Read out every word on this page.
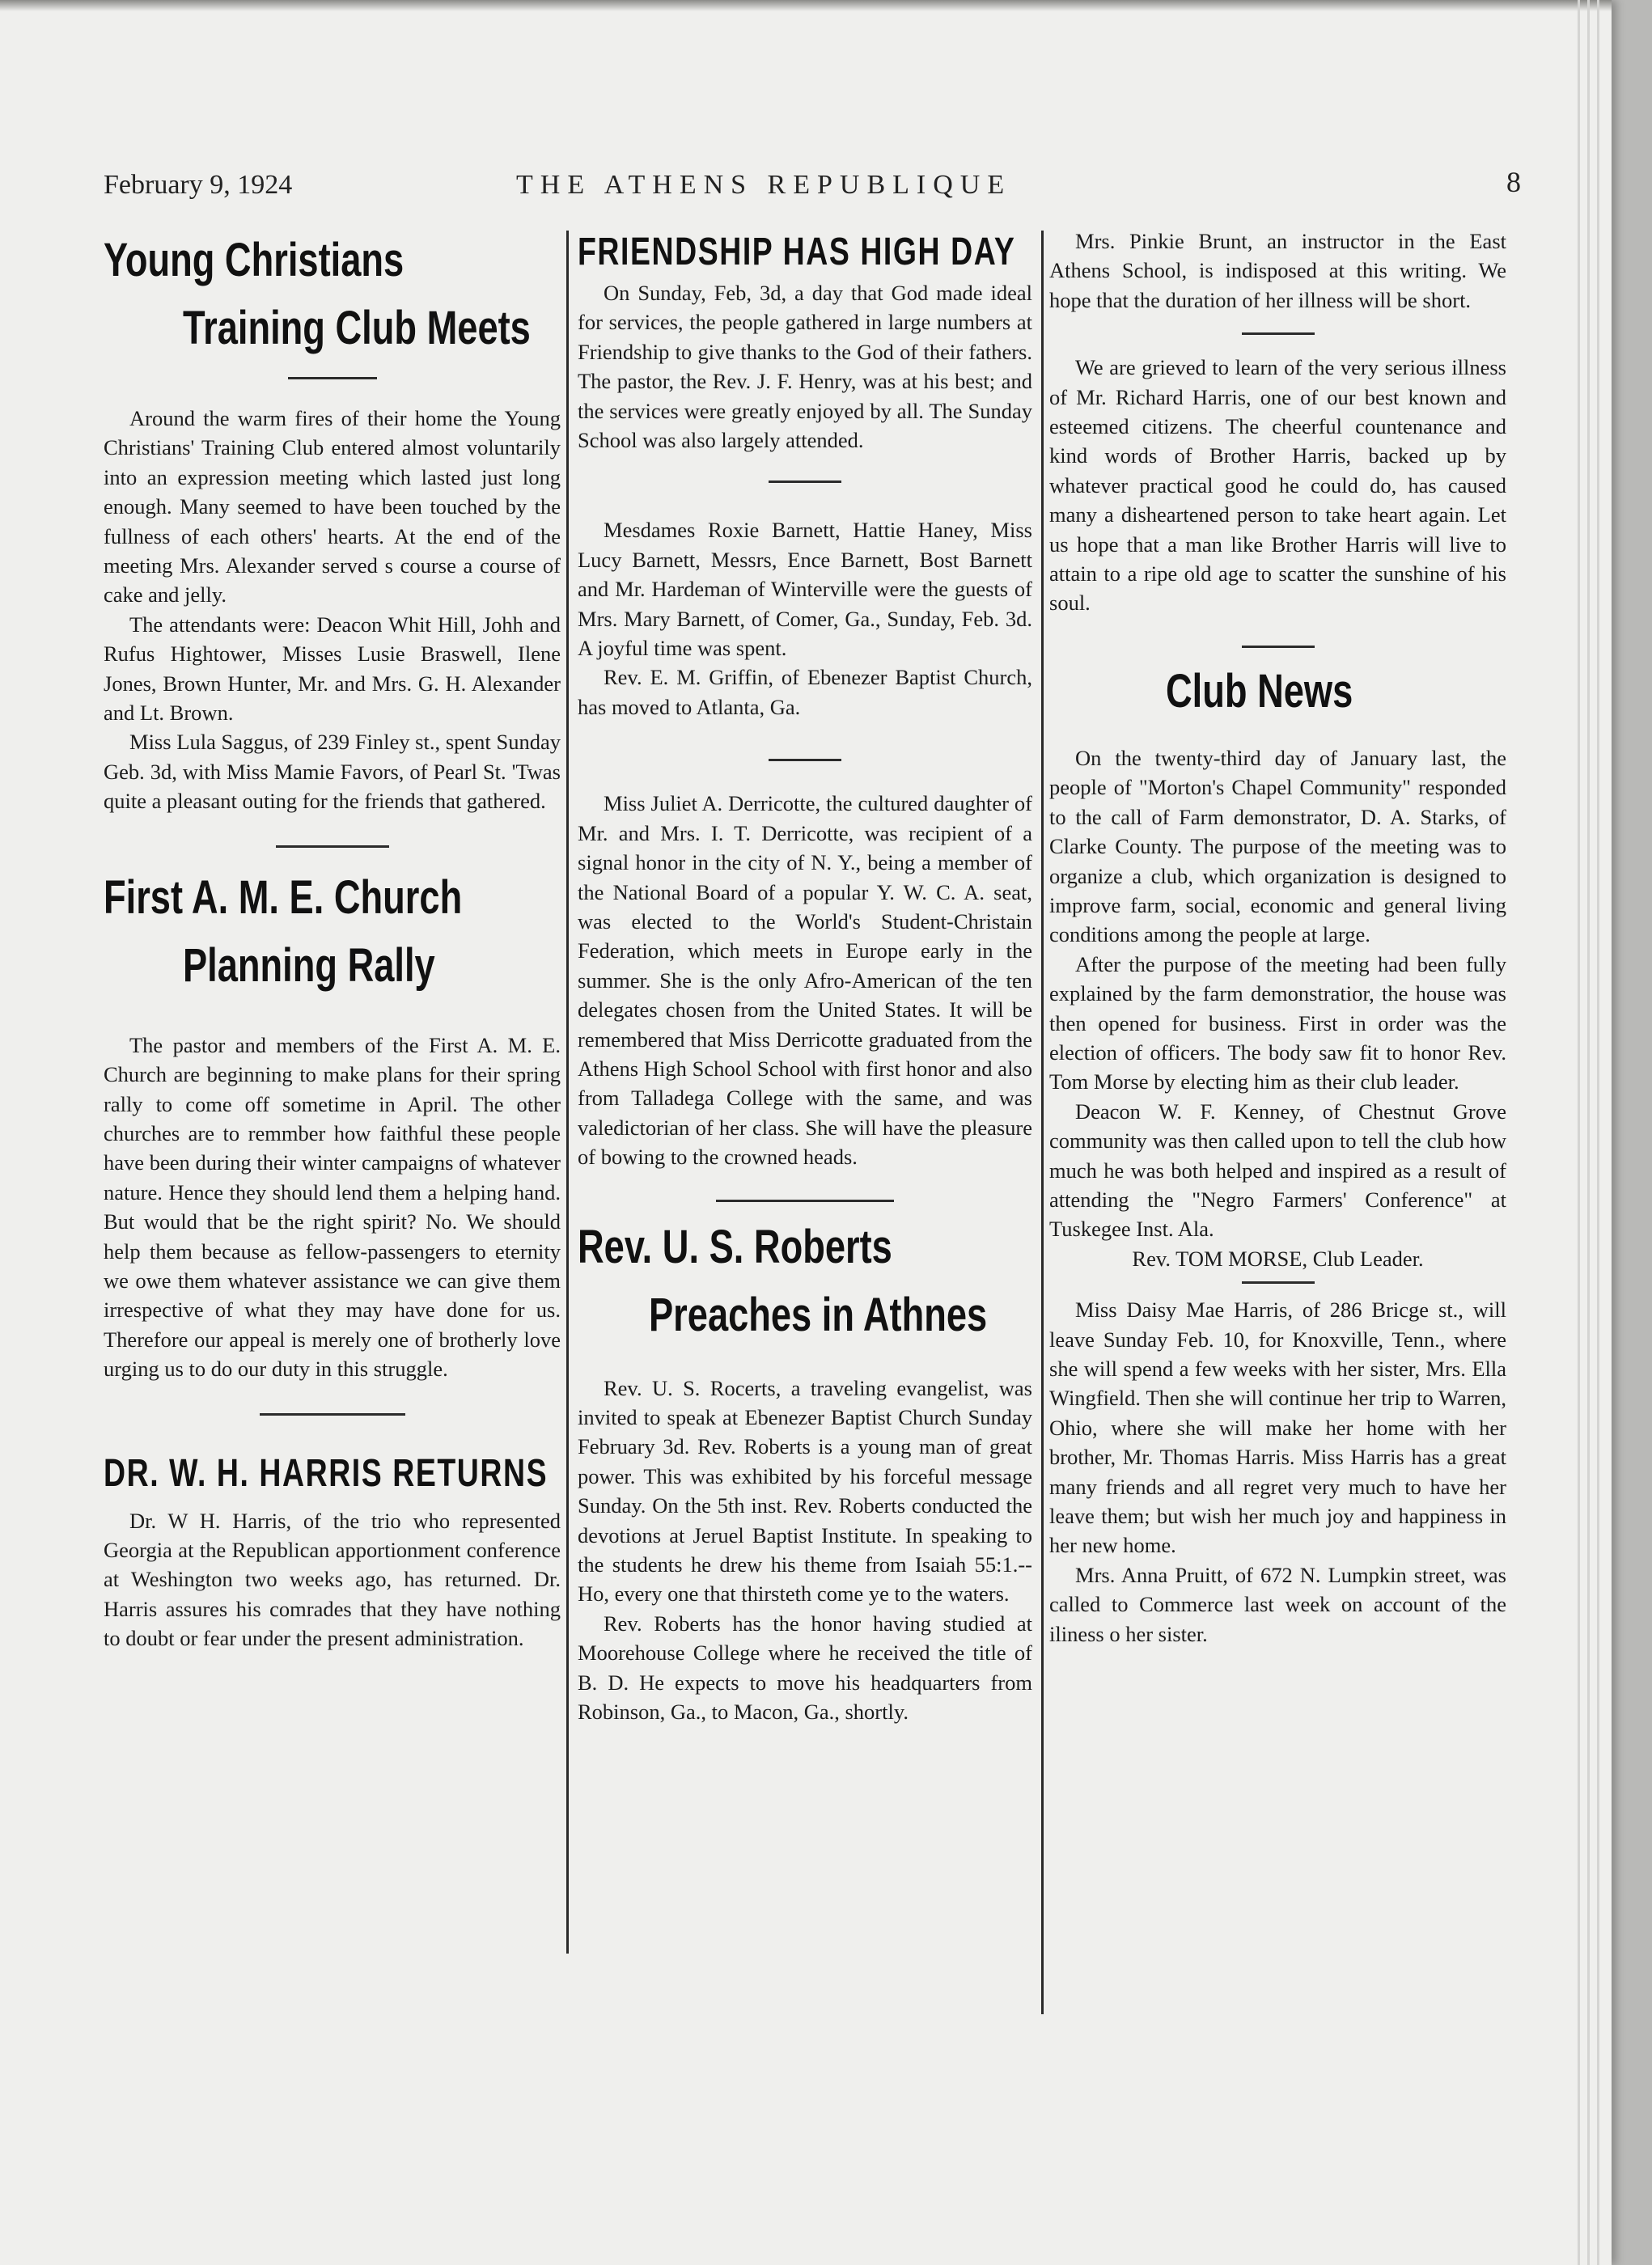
February 9, 1924	THE ATHENS REPUBLIQUE	8
Young Christians
Training Club Meets

Around the warm fires of their home the Young Christians' Training Club entered almost voluntarily into an expression meeting which lasted just long enough. Many seemed to have been touched by the fullness of each others' hearts. At the end of the meeting Mrs. Alexander served s course a course of cake and jelly.

The attendants were: Deacon Whit Hill, Johh and Rufus Hightower, Misses Lusie Braswell, Ilene Jones, Brown Hunter, Mr. and Mrs. G. H. Alexander and Lt. Brown.

Miss Lula Saggus, of 239 Finley st., spent Sunday Geb. 3d, with Miss Mamie Favors, of Pearl St. 'Twas quite a pleasant outing for the friends that gathered.

First A. M. E. Church
Planning Rally

The pastor and members of the First A. M. E. Church are beginning to make plans for their spring rally to come off sometime in April. The other churches are to remmber how faithful these people have been during their winter campaigns of whatever nature. Hence they should lend them a helping hand. But would that be the right spirit? No. We should help them because as fellow-passengers to eternity we owe them whatever assistance we can give them irrespective of what they may have done for us. Therefore our appeal is merely one of brotherly love urging us to do our duty in this struggle.

DR. W. H. HARRIS RETURNS

Dr. W H. Harris, of the trio who represented Georgia at the Republican apportionment conference at Weshington two weeks ago, has returned. Dr. Harris assures his comrades that they have nothing to doubt or fear under the present administration.

FRIENDSHIP HAS HIGH DAY

On Sunday, Feb, 3d, a day that God made ideal for services, the people gathered in large numbers at Friendship to give thanks to the God of their fathers. The pastor, the Rev. J. F. Henry, was at his best; and the services were greatly enjoyed by all. The Sunday School was also largely attended.

Mesdames Roxie Barnett, Hattie Haney, Miss Lucy Barnett, Messrs, Ence Barnett, Bost Barnett and Mr. Hardeman of Winterville were the guests of Mrs. Mary Barnett, of Comer, Ga., Sunday, Feb. 3d. A joyful time was spent.

Rev. E. M. Griffin, of Ebenezer Baptist Church, has moved to Atlanta, Ga.

Miss Juliet A. Derricotte, the cultured daughter of Mr. and Mrs. I. T. Derricotte, was recipient of a signal honor in the city of N. Y., being a member of the National Board of a popular Y. W. C. A. seat, was elected to the World's Student-Christain Federation, which meets in Europe early in the summer. She is the only Afro-American of the ten delegates chosen from the United States. It will be remembered that Miss Derricotte graduated from the Athens High School School with first honor and also from Talladega College with the same, and was valedictorian of her class. She will have the pleasure of bowing to the crowned heads.

Rev. U. S. Roberts
Preaches in Athnes

Rev. U. S. Rocerts, a traveling evangelist, was invited to speak at Ebenezer Baptist Church Sunday February 3d. Rev. Roberts is a young man of great power. This was exhibited by his forceful message Sunday. On the 5th inst. Rev. Roberts conducted the devotions at Jeruel Baptist Institute. In speaking to the students he drew his theme from Isaiah 55:1.--Ho, every one that thirsteth come ye to the waters.

Rev. Roberts has the honor having studied at Moorehouse College where he received the title of B. D. He expects to move his headquarters from Robinson, Ga., to Macon, Ga., shortly.

Mrs. Pinkie Brunt, an instructor in the East Athens School, is indisposed at this writing. We hope that the duration of her illness will be short.

We are grieved to learn of the very serious illness of Mr. Richard Harris, one of our best known and esteemed citizens. The cheerful countenance and kind words of Brother Harris, backed up by whatever practical good he could do, has caused many a disheartened person to take heart again. Let us hope that a man like Brother Harris will live to attain to a ripe old age to scatter the sunshine of his soul.

Club News

On the twenty-third day of January last, the people of "Morton's Chapel Community" responded to the call of Farm demonstrator, D. A. Starks, of Clarke County. The purpose of the meeting was to organize a club, which organization is designed to improve farm, social, economic and general living conditions among the people at large.

After the purpose of the meeting had been fully explained by the farm demonstratior, the house was then opened for business. First in order was the election of officers. The body saw fit to honor Rev. Tom Morse by electing him as their club leader.

Deacon W. F. Kenney, of Chestnut Grove community was then called upon to tell the club how much he was both helped and inspired as a result of attending the "Negro Farmers' Conference" at Tuskegee Inst. Ala.

Rev. TOM MORSE, Club Leader.

Miss Daisy Mae Harris, of 286 Bricge st., will leave Sunday Feb. 10, for Knoxville, Tenn., where she will spend a few weeks with her sister, Mrs. Ella Wingfield. Then she will continue her trip to Warren, Ohio, where she will make her home with her brother, Mr. Thomas Harris. Miss Harris has a great many friends and all regret very much to have her leave them; but wish her much joy and happiness in her new home.

Mrs. Anna Pruitt, of 672 N. Lumpkin street, was called to Commerce last week on account of the iliness o her sister.
